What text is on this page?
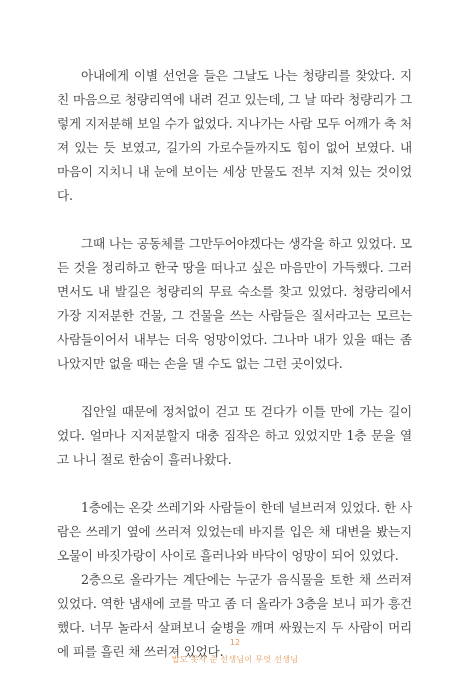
아내에게 이별 선언을 들은 그날도 나는 청량리를 찾았다. 지친 마음으로 청량리역에 내려 걷고 있는데, 그 날 따라 청량리가 그렇게 지저분해 보일 수가 없었다. 지나가는 사람 모두 어깨가 축 처져 있는 듯 보였고, 길가의 가로수들까지도 힘이 없어 보였다. 내 마음이 지치니 내 눈에 보이는 세상 만물도 전부 지쳐 있는 것이었다.

그때 나는 공동체를 그만두어야겠다는 생각을 하고 있었다. 모든 것을 정리하고 한국 땅을 떠나고 싶은 마음만이 가득했다. 그러면서도 내 발길은 청량리의 무료 숙소를 찾고 있었다. 청량리에서 가장 지저분한 건물, 그 건물을 쓰는 사람들은 질서라고는 모르는 사람들이어서 내부는 더욱 엉망이었다. 그나마 내가 있을 때는 좀 나았지만 없을 때는 손을 댈 수도 없는 그런 곳이었다.

집안일 때문에 정처없이 걷고 또 걷다가 이틀 만에 가는 길이었다. 얼마나 지저분할지 대충 짐작은 하고 있었지만 1층 문을 열고 나니 절로 한숨이 흘러나왔다.

1층에는 온갖 쓰레기와 사람들이 한데 널브러져 있었다. 한 사람은 쓰레기 옆에 쓰러져 있었는데 바지를 입은 채 대변을 봤는지 오물이 바짓가랑이 사이로 흘러나와 바닥이 엉망이 되어 있었다.

2층으로 올라가는 계단에는 누군가 음식물을 토한 채 쓰러져 있었다. 역한 냄새에 코를 막고 좀 더 올라가 3층을 보니 피가 흥건했다. 너무 놀라서 살펴보니 술병을 깨며 싸웠는지 두 사람이 머리에 피를 흘린 채 쓰러져 있었다.

12
밥도 못사 준 선생님이 무엇 선생님
